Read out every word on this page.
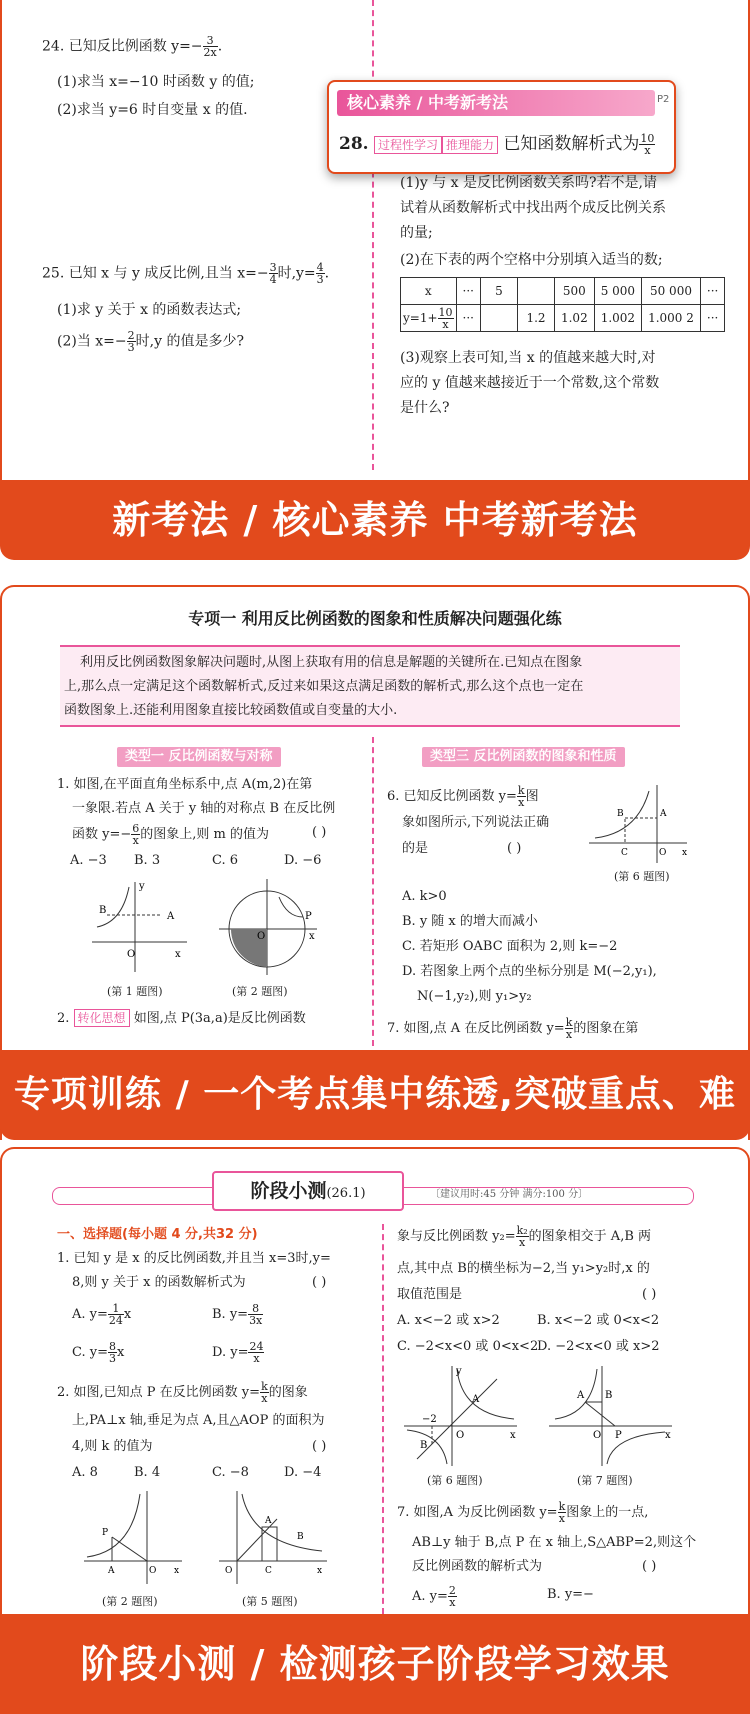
24. 已知反比例函数 $y=- \frac{3}{2x}$ .
(1)求当 x=−10 时函数 y 的值;
(2)求当 y=6 时自变量 x 的值.
25. 已知 x 与 y 成反比例,且当 $x=- \frac{3}{4}$ 时$,y= \frac{4}{3}$ .
(1)求 y 关于 x 的函数表达式;
(2)当 $x=- \frac{2}{3}$ 时,y 的值是多少?
核心素养 / 中考新考法	P2
28. 过程性学习 推理能力 已知函数解析式为 $\frac{10}{x}$
(1)y 与 x 是反比例函数关系吗?若不是,请
试着从函数解析式中找出两个成反比例关系
的量;
(2)在下表的两个空格中分别填入适当的数;
x	···	5		500	5 000	50 000	···
$y=1+ \frac{10}{x}$	···		1.2	1.02	1.002	1.000 2	···
(3)观察上表可知,当 x 的值越来越大时,对
应的 y 值越来越接近于一个常数,这个常数
是什么?
新考法 / 核心素养 中考新考法
专项一 利用反比例函数的图象和性质解决问题强化练
利用反比例函数图象解决问题时,从图上获取有用的信息是解题的关键所在.已知点在图象
上,那么点一定满足这个函数解析式,反过来如果这点满足函数的解析式,那么这个点也一定在
函数图象上.还能利用图象直接比较函数值或自变量的大小.
类型一 反比例函数与对称	类型三 反比例函数的图象和性质
1. 如图,在平面直角坐标系中,点 A(m,2)在第
一象限.若点 A 关于 y 轴的对称点 B 在反比例
函数 $y=- \frac{6}{x}$ 的图象上,则 m 的值为	( )
A. −3 B. 3	C. 6	D. −6
B
A
O	x
y
P
O	x
(第 1 题图)	(第 2 题图)
2. 转化思想 如图,点 P(3a,a)是反比例函数
6. 已知反比例函数 $y= \frac{k}{x}$ 图
象如图所示,下列说法正确
的是	( )
B	A
C	O x
(第 6 题图)
A. k>0
B. y 随 x 的增大而减小
C. 若矩形 OABC 面积为 2,则 k=−2
D. 若图象上两个点的坐标分别是 M(−2,y₁),
N(−1,y₂),则 y₁>y₂
7. 如图,点 A 在反比例函数 $y= \frac{k}{x}$ 的图象在第
专项训练 / 一个考点集中练透,突破重点、难
阶段小测(26.1)	〔建议用时:45 分钟 满分:100 分〕
一、选择题(每小题 4 分,共32 分)
1. 已知 y 是 x 的反比例函数,并且当 x=3时,y=
8,则 y 关于 x 的函数解析式为	( )
A. $y= \frac{1}{24}$ x	B. $y= \frac{8}{3x}$
C. $y= \frac{8}{3}$ x	D. $y= \frac{24}{x}$
2. 如图,已知点 P 在反比例函数 $y= \frac{k}{x}$ 的图象
上,PA⊥x 轴,垂足为点 A,且△AOP 的面积为
4,则 k 的值为	( )
A. 8	B. 4	C. −8	D. −4
P
A	O x
A
B
O	C	x
(第 2 题图)	(第 5 题图)
象与反比例函数 $y_2= \frac{\text{k₂}}{x}$ 的图象相交于 A,B 两
点,其中点 B的横坐标为−2,当 y₁>y₂时,x 的
取值范围是	( )
A. x<−2 或 x>2	B. x<−2 或 0<x<2
C. −2<x<0 或 0<x<2
D. −2<x<0 或 x>2
−2
A
B
O	x
y
A B
O P	x
(第 6 题图)	(第 7 题图)
7. 如图,A 为反比例函数 $y= \frac{k}{x}$ 图象上的一点,
AB⊥y 轴于 B,点 P 在 x 轴上,S△ABP=2,则这个
反比例函数的解析式为	( )
A. $y= \frac{2}{x}$	B. y=−
阶段小测 / 检测孩子阶段学习效果
